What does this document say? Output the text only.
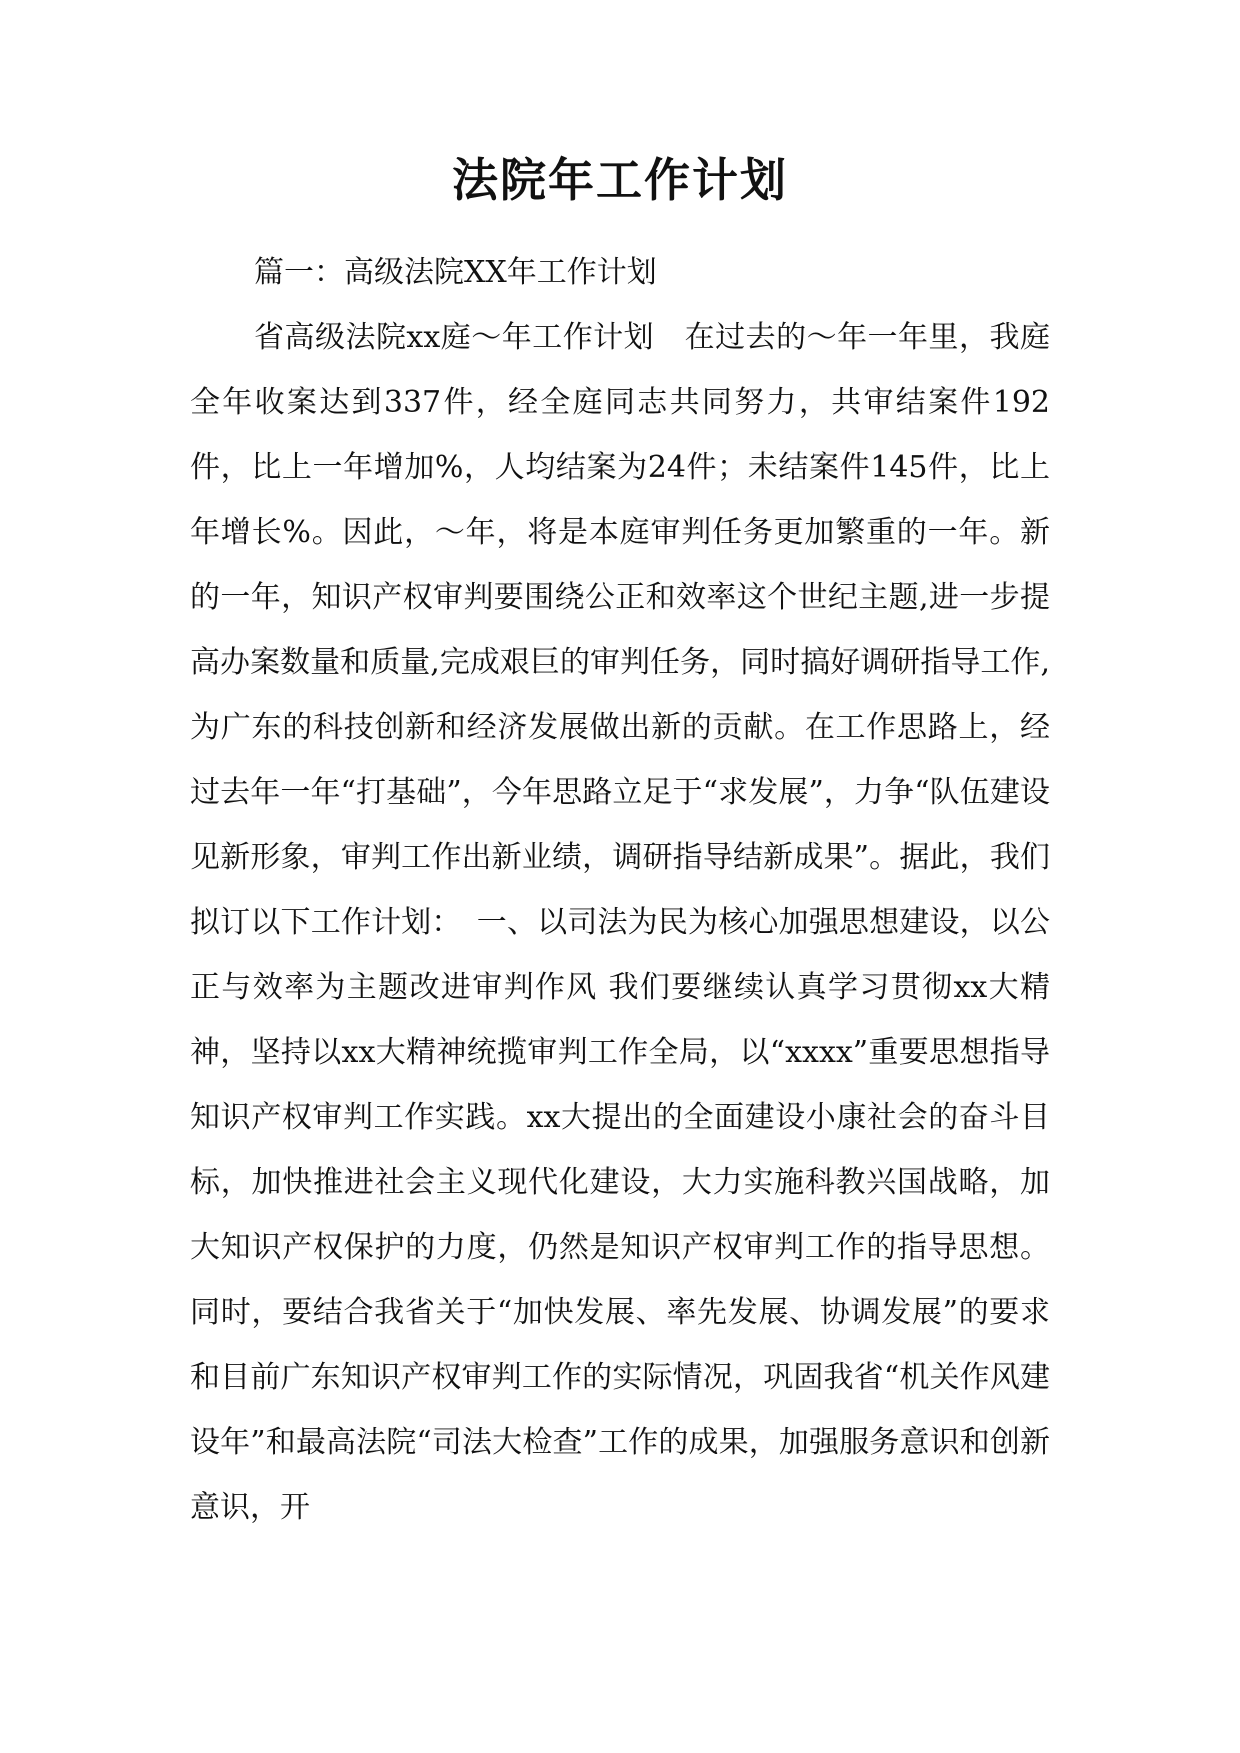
法院年工作计划

篇一：高级法院XX年工作计划

省高级法院xx庭～年工作计划　在过去的～年一年里，我庭全年收案达到337件，经全庭同志共同努力，共审结案件192件，比上一年增加%，人均结案为24件；未结案件145件，比上年增长%。因此，～年，将是本庭审判任务更加繁重的一年。新的一年，知识产权审判要围绕公正和效率这个世纪主题,进一步提高办案数量和质量,完成艰巨的审判任务，同时搞好调研指导工作,为广东的科技创新和经济发展做出新的贡献。在工作思路上，经过去年一年“打基础”，今年思路立足于“求发展”，力争“队伍建设见新形象，审判工作出新业绩，调研指导结新成果”。据此，我们拟订以下工作计划：　一、以司法为民为核心加强思想建设，以公正与效率为主题改进审判作风 我们要继续认真学习贯彻xx大精神，坚持以xx大精神统揽审判工作全局，以“xxxx”重要思想指导知识产权审判工作实践。xx大提出的全面建设小康社会的奋斗目标，加快推进社会主义现代化建设，大力实施科教兴国战略，加大知识产权保护的力度，仍然是知识产权审判工作的指导思想。同时，要结合我省关于“加快发展、率先发展、协调发展”的要求和目前广东知识产权审判工作的实际情况，巩固我省“机关作风建设年”和最高法院“司法大检查”工作的成果，加强服务意识和创新意识，开
